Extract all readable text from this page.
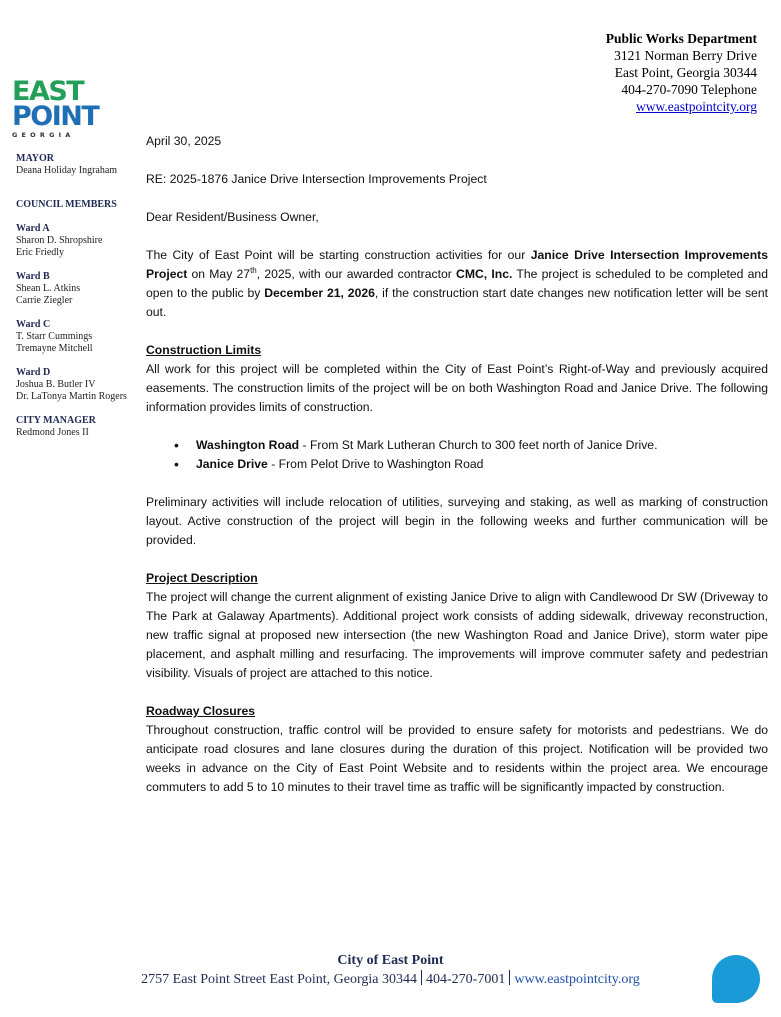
Public Works Department
3121 Norman Berry Drive
East Point, Georgia 30344
404-270-7090 Telephone
www.eastpointcity.org
EAST
POINT
GEORGIA
MAYOR
Deana Holiday Ingraham
COUNCIL MEMBERS
Ward A
Sharon D. Shropshire
Eric Friedly
Ward B
Shean L. Atkins
Carrie Ziegler
Ward C
T. Starr Cummings
Tremayne Mitchell
Ward D
Joshua B. Butler IV
Dr. LaTonya Martin Rogers
CITY MANAGER
Redmond Jones II

April 30, 2025

RE: 2025-1876 Janice Drive Intersection Improvements Project

Dear Resident/Business Owner,

The City of East Point will be starting construction activities for our Janice Drive Intersection Improvements Project on May 27th, 2025, with our awarded contractor CMC, Inc. The project is scheduled to be completed and open to the public by December 21, 2026, if the construction start date changes new notification letter will be sent out.

Construction Limits

All work for this project will be completed within the City of East Point’s Right-of-Way and previously acquired easements. The construction limits of the project will be on both Washington Road and Janice Drive. The following information provides limits of construction.

• Washington Road - From St Mark Lutheran Church to 300 feet north of Janice Drive.
• Janice Drive - From Pelot Drive to Washington Road

Preliminary activities will include relocation of utilities, surveying and staking, as well as marking of construction layout. Active construction of the project will begin in the following weeks and further communication will be provided.

Project Description

The project will change the current alignment of existing Janice Drive to align with Candlewood Dr SW (Driveway to The Park at Galaway Apartments). Additional project work consists of adding sidewalk, driveway reconstruction, new traffic signal at proposed new intersection (the new Washington Road and Janice Drive), storm water pipe placement, and asphalt milling and resurfacing. The improvements will improve commuter safety and pedestrian visibility. Visuals of project are attached to this notice.

Roadway Closures

Throughout construction, traffic control will be provided to ensure safety for motorists and pedestrians. We do anticipate road closures and lane closures during the duration of this project. Notification will be provided two weeks in advance on the City of East Point Website and to residents within the project area. We encourage commuters to add 5 to 10 minutes to their travel time as traffic will be significantly impacted by construction.

City of East Point
2757 East Point Street East Point, Georgia 30344 404-270-7001 www.eastpointcity.org
